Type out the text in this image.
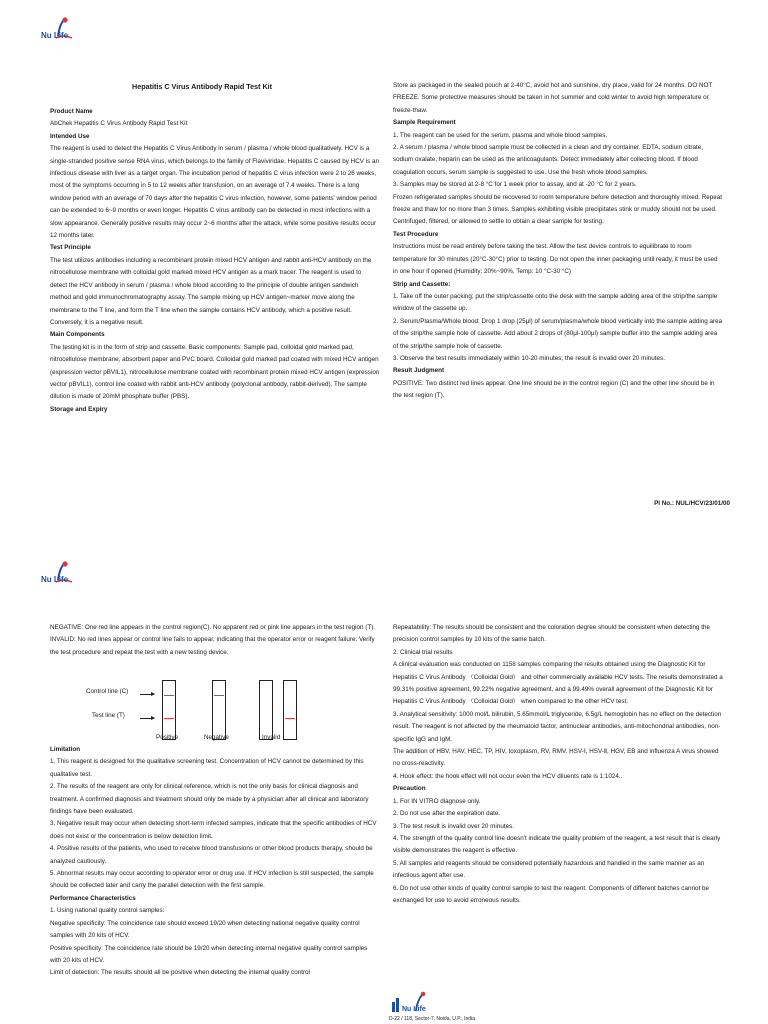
Nu Life
Hepatitis C Virus Antibody Rapid Test Kit

Product Name

AbChek Hepatitis C Virus Antibody Rapid Test Kit

Intended Use

The reagent is used to detect the Hepatitis C Virus Antibody in serum / plasma / whole blood qualitatively. HCV is a single-stranded positive sense RNA virus, which belongs to the family of Flaviviridae. Hepatitis C caused by HCV is an infectious disease with liver as a target organ. The incubation period of hepatitis C virus infection were 2 to 26 weeks, most of the symptoms occurring in 5 to 12 weeks after transfusion, on an average of 7.4 weeks. There is a long window period with an average of 70 days after the hepatitis C virus infection, however, some patients' window period can be extended to 6~9 months or even longer. Hepatitis C virus antibody can be detected in most infections with a slow appearance. Generally positive results may occur 2~6 months after the attack, while some positive results occur 12 months later.

Test Principle

The test utilizes antibodies including a recombinant protein mixed HCV antigen and rabbit anti-HCV antibody on the nitrocellulose membrane with colloidal gold marked mixed HCV antigen as a mark tracer. The reagent is used to detect the HCV antibody in serum / plasma / whole blood according to the principle of double antigen sandwich method and gold immunochromatography assay. The sample mixing up HCV antigen~marker move along the membrane to the T line, and form the T line when the sample contains HCV antibody, which a positive result. Conversely, it is a negative result.

Main Components

The testing kit is in the form of strip and cassette. Basic components: Sample pad, colloidal gold marked pad, nitrocellulose membrane, absorbent paper and PVC board. Colloidal gold marked pad coated with mixed HCV antigen (expression vector pBVIL1), nitrocellulose membrane coated with recombinant protein mixed HCV antigen (expression vector pBVIL1), control line coated with rabbit anti-HCV antibody (polyclonal antibody, rabbit-derived). The sample dilution is made of 20mM phosphate buffer (PBS).

Storage and Expiry

Store as packaged in the sealed pouch at 2-40°C, avoid hot and sunshine, dry place, valid for 24 months. DO NOT FREEZE. Some protective measures should be taken in hot summer and cold winter to avoid high temperature or freeze-thaw.

Sample Requirement

1. The reagent can be used for the serum, plasma and whole blood samples.

2. A serum / plasma / whole blood sample must be collected in a clean and dry container. EDTA, sodium citrate, sodium oxalate, heparin can be used as the anticoagulants. Detect immediately after collecting blood. If blood coagulation occurs, serum sample is suggested to use. Use the fresh whole blood samples.

3. Samples may be stored at 2-8 °C for 1 week prior to assay, and at -20 °C for 2 years.

Frozen refrigerated samples should be recovered to room temperature before detection and thoroughly mixed. Repeat freeze and thaw for no more than 3 times. Samples exhibiting visible precipitates stink or muddy should not be used. Centrifuged, filtered, or allowed to settle to obtain a clear sample for testing.

Test Procedure

Instructions must be read entirely before taking the test. Allow the test device controls to equilibrate to room temperature for 30 minutes (20°C-30°C) prior to testing. Do not open the inner packaging until ready, it must be used in one hour if opened (Humidity: 20%~90%, Temp: 10 °C-30 °C)

Strip and Cassette:

1. Take off the outer packing; put the strip/cassette onto the desk with the sample adding area of the strip/the sample window of the cassette up.

2. Serum/Plasma/Whole blood: Drop 1 drop (25μl) of serum/plasma/whole blood vertically into the sample adding area of the strip/the sample hole of cassette. Add about 2 drops of (80μl-100μl) sample buffer into the sample adding area of the strip/the sample hole of cassette.

3. Observe the test results immediately within 10-20 minutes; the result is invalid over 20 minutes.

Result Judgment

POSITIVE: Two distinct red lines appear. One line should be in the control region (C) and the other line should be in the test region (T).

PI No.: NUL/HCV/23/01/00
Nu Life

NEGATIVE: One red line appears in the control region(C). No apparent red or pink line appears in the test region (T).

INVALID: No red lines appear or control line fails to appear, indicating that the operator error or reagent failure. Verify the test procedure and repeat the test with a new testing device.

Control line (C)
Test line (T)
Positive	Negative	Invalid

Limitation

1. This reagent is designed for the qualitative screening test. Concentration of HCV cannot be determined by this qualitative test.

2. The results of the reagent are only for clinical reference, which is not the only basis for clinical diagnosis and treatment. A confirmed diagnosis and treatment should only be made by a physician after all clinical and laboratory findings have been evaluated.

3. Negative result may occur when detecting short-term infected samples, indicate that the specific antibodies of HCV does not exist or the concentration is below detection limit.

4. Positive results of the patients, who used to receive blood transfusions or other blood products therapy, should be analyzed cautiously.

5. Abnormal results may occur according to operator error or drug use. If HCV infection is still suspected, the sample should be collected later and carry the parallel detection with the first sample.

Performance Characteristics

1. Using national quality control samples:

Negative specificity: The coincidence rate should exceed 19/20 when detecting national negative quality control samples with 20 kits of HCV.

Positive specificity: The coincidence rate should be 19/20 when detecting internal negative quality control samples with 20 kits of HCV.

Limit of detection: The results should all be positive when detecting the internal quality control

Repeatability: The results should be consistent and the coloration degree should be consistent when detecting the precision control samples by 10 kits of the same batch.

2. Clinical trial results

A clinical evaluation was conducted on 1158 samples comparing the results obtained using the Diagnostic Kit for Hepatitis C Virus Antibody （Colloidal Gold） and other commercially available HCV tests. The results demonstrated a 99.31% positive agreement, 99.22% negative agreement, and a 99.49% overall agreement of the Diagnostic Kit for Hepatitis C Virus Antibody （Colloidal Gold） when compared to the other HCV test.

3. Analytical sensitivity: 1000 mol/L bilirubin, 5.65mmol/L triglyceride, 6.5g/L hemoglobin has no effect on the detection result. The reagent is not affected by the rheumatoid factor, antinuclear antibodies, anti-mitochondrial antibodies, non-specific IgG and IgM.

The addition of HBV, HAV, HEC, TP, HIV, toxoplasm, RV, RMV, HSV-Ⅰ, HSV-Ⅱ, HGV, EB and influenza A virus showed no cross-reactivity.

4. Hook effect: the hook effect will not occur even the HCV diluents rate is 1:1024..

Precaution

1. For IN VITRO diagnose only.

2. Do not use after the expiration date.

3. The test result is invalid over 20 minutes.

4. The strength of the quality control line doesn't indicate the quality problem of the reagent, a test result that is clearly visible demonstrates the reagent is effective.

5. All samples and reagents should be considered potentially hazardous and handled in the same manner as an infectious agent after use.

6. Do not use other kinds of quality control sample to test the reagent. Components of different batches cannot be exchanged for use to avoid erroneous results.

Nu Life
D-22 / 118, Sector-7, Noida, U.P., India
